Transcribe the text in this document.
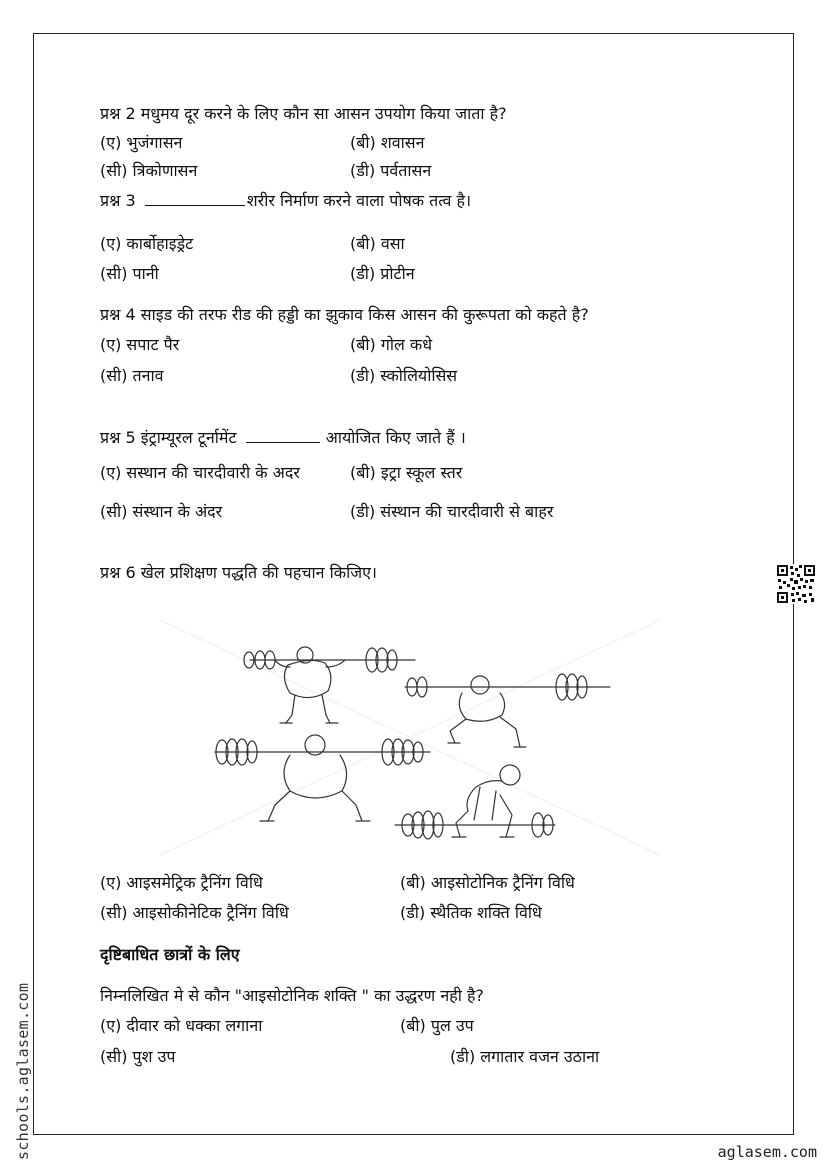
प्रश्न 2 मधुमय दूर करने के लिए कौन सा आसन उपयोग किया जाता है?
(ए) भुजंगासन	(बी) शवासन
(सी) त्रिकोणासन	(डी) पर्वतासन
प्रश्न 3	शरीर निर्माण करने वाला पोषक तत्व है।
(ए) कार्बोहाइड्रेट	(बी) वसा
(सी) पानी	(डी) प्रोटीन
प्रश्न 4 साइड की तरफ रीड की हड्डी का झुकाव किस आसन की कुरूपता को कहते है?
(ए) सपाट पैर	(बी) गोल कधे
(सी) तनाव	(डी) स्कोलियोसिस
प्रश्न 5 इंट्राम्यूरल टूर्नामेंट	आयोजित किए जाते हैं ।
(ए) सस्थान की चारदीवारी के अदर	(बी) इट्रा स्कूल स्तर
(सी) संस्थान के अंदर	(डी) संस्थान की चारदीवारी से बाहर
प्रश्न 6 खेल प्रशिक्षण पद्धति की पहचान किजिए।
(ए) आइसमेट्रिक ट्रैनिंग विधि	(बी) आइसोटोनिक ट्रैनिंग विधि
(सी) आइसोकीनेटिक ट्रैनिंग विधि	(डी) स्थैतिक शक्ति विधि
दृष्टिबाधित छात्रों के लिए
निम्नलिखित मे से कौन "आइसोटोनिक शक्ति " का उद्धरण नही है?
(ए) दीवार को धक्का लगाना	(बी) पुल उप
(सी) पुश उप	(डी) लगातार वजन उठाना
schools.aglasem.com	aglasem.com
